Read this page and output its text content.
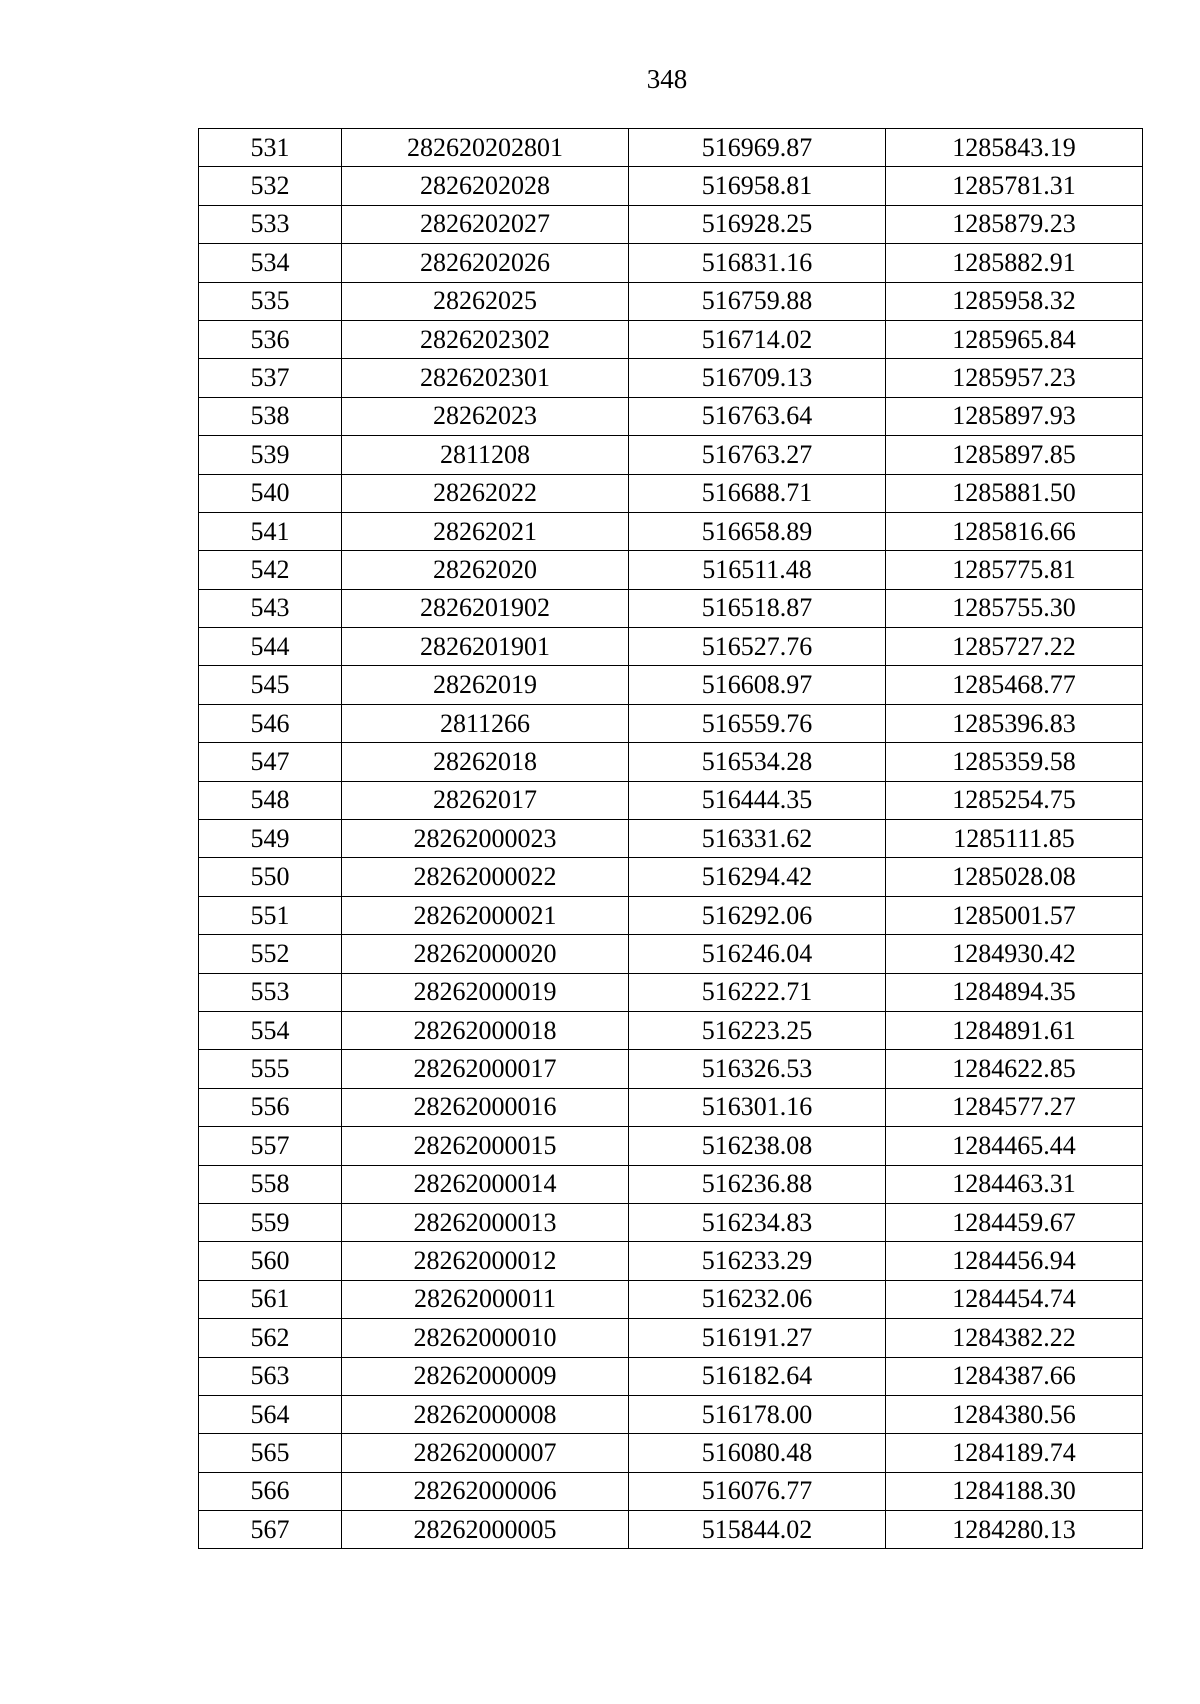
348
531	282620202801	516969.87	1285843.19
532	2826202028	516958.81	1285781.31
533	2826202027	516928.25	1285879.23
534	2826202026	516831.16	1285882.91
535	28262025	516759.88	1285958.32
536	2826202302	516714.02	1285965.84
537	2826202301	516709.13	1285957.23
538	28262023	516763.64	1285897.93
539	2811208	516763.27	1285897.85
540	28262022	516688.71	1285881.50
541	28262021	516658.89	1285816.66
542	28262020	516511.48	1285775.81
543	2826201902	516518.87	1285755.30
544	2826201901	516527.76	1285727.22
545	28262019	516608.97	1285468.77
546	2811266	516559.76	1285396.83
547	28262018	516534.28	1285359.58
548	28262017	516444.35	1285254.75
549	28262000023	516331.62	1285111.85
550	28262000022	516294.42	1285028.08
551	28262000021	516292.06	1285001.57
552	28262000020	516246.04	1284930.42
553	28262000019	516222.71	1284894.35
554	28262000018	516223.25	1284891.61
555	28262000017	516326.53	1284622.85
556	28262000016	516301.16	1284577.27
557	28262000015	516238.08	1284465.44
558	28262000014	516236.88	1284463.31
559	28262000013	516234.83	1284459.67
560	28262000012	516233.29	1284456.94
561	28262000011	516232.06	1284454.74
562	28262000010	516191.27	1284382.22
563	28262000009	516182.64	1284387.66
564	28262000008	516178.00	1284380.56
565	28262000007	516080.48	1284189.74
566	28262000006	516076.77	1284188.30
567	28262000005	515844.02	1284280.13
